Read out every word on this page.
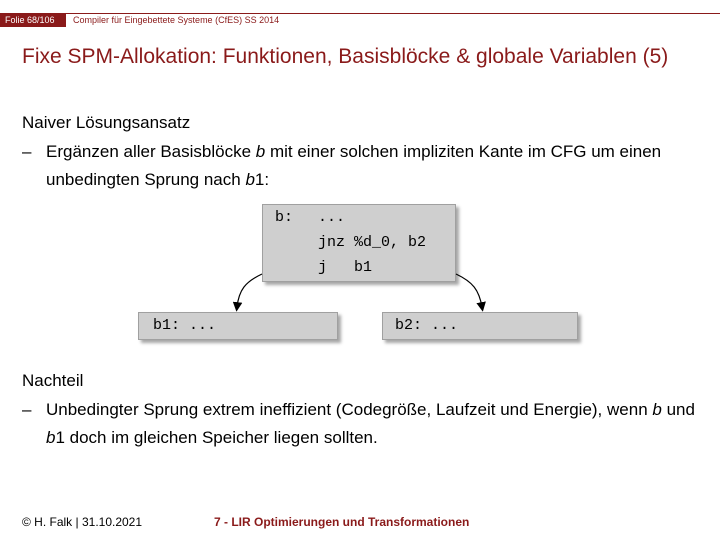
Folie 68/106	Compiler für Eingebettete Systeme (CfES) SS 2014
Fixe SPM-Allokation: Funktionen, Basisblöcke & globale Variablen (5)
Naiver Lösungsansatz
– Ergänzen aller Basisblöcke b mit einer solchen impliziten Kante im CFG um einen unbedingten Sprung nach b1:
b: ...
jnz %d_0, b2
j   b1
b1: ...	b2: ...
Nachteil
– Unbedingter Sprung extrem ineffizient (Codegröße, Laufzeit und Energie), wenn b und b1 doch im gleichen Speicher liegen sollten.
© H. Falk | 31.10.2021	7 - LIR Optimierungen und Transformationen
